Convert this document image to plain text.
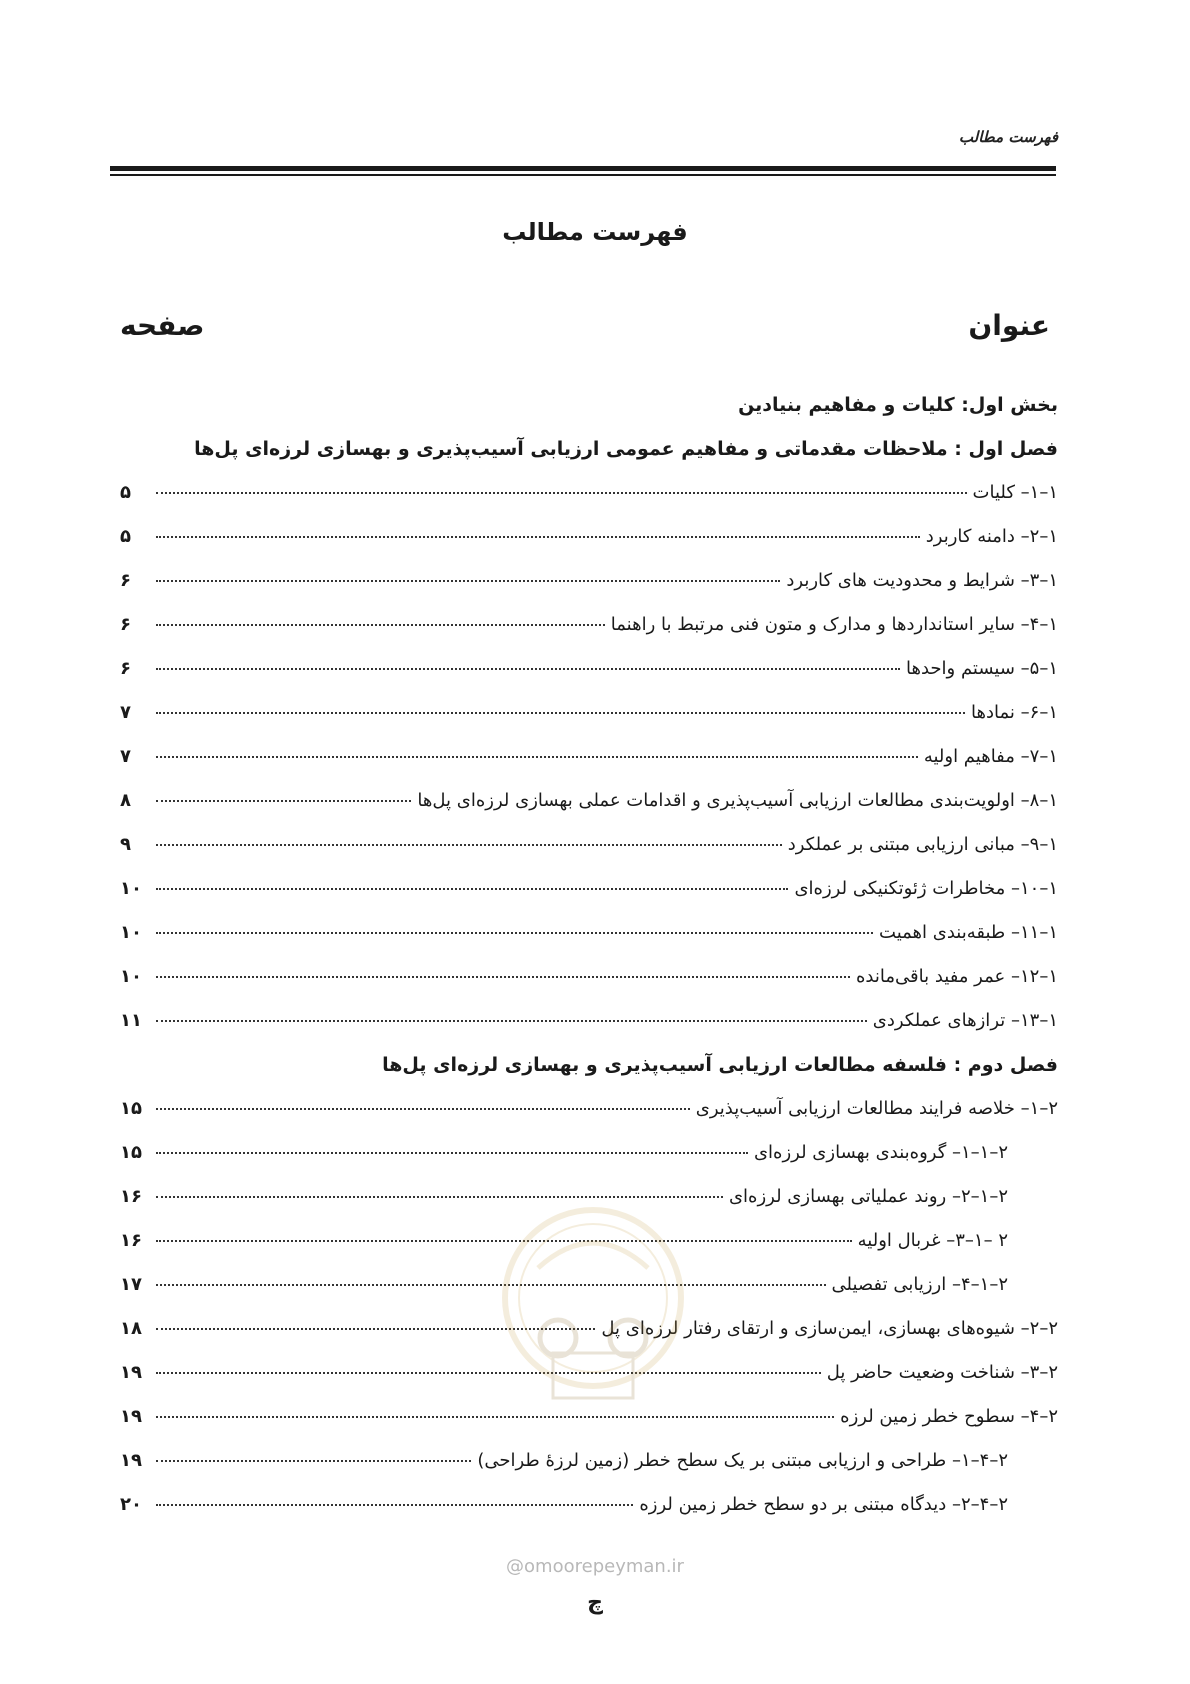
فهرست مطالب
فهرست مطالب
عنوان
صفحه
بخش اول: کلیات و مفاهیم بنیادین
فصل اول : ملاحظات مقدماتی و مفاهیم عمومی ارزیابی آسیب‌پذیری و بهسازی لرزه‌ای پل‌ها
۱–۱– کلیات
۵
۱–۲– دامنه کاربرد
۵
۱–۳– شرایط و محدودیت های کاربرد
۶
۱–۴– سایر استانداردها و مدارک و متون فنی مرتبط با راهنما
۶
۱–۵– سیستم واحدها
۶
۱–۶– نمادها
۷
۱–۷– مفاهیم اولیه
۷
۱–۸– اولویت‌بندی مطالعات ارزیابی آسیب‌پذیری و اقدامات عملی بهسازی لرزه‌ای پل‌ها
۸
۱–۹– مبانی ارزیابی مبتنی بر عملکرد
۹
۱–۱۰– مخاطرات ژئوتکنیکی لرزه‌ای
۱۰
۱–۱۱– طبقه‌بندی اهمیت
۱۰
۱–۱۲– عمر مفید باقی‌مانده
۱۰
۱–۱۳– ترازهای عملکردی
۱۱
فصل دوم : فلسفه مطالعات ارزیابی آسیب‌پذیری و بهسازی لرزه‌ای پل‌ها
۲–۱– خلاصه فرایند مطالعات ارزیابی آسیب‌پذیری
۱۵
۲–۱–۱– گروه‌بندی بهسازی لرزه‌ای
۱۵
۲–۱–۲– روند عملیاتی بهسازی لرزه‌ای
۱۶
۲ –۱–۳– غربال اولیه
۱۶
۲–۱–۴– ارزیابی تفصیلی
۱۷
۲–۲– شیوه‌های بهسازی، ایمن‌سازی و ارتقای رفتار لرزه‌ای پل
۱۸
۲–۳– شناخت وضعیت حاضر پل
۱۹
۲–۴– سطوح خطر زمین لرزه
۱۹
۲–۴–۱– طراحی و ارزیابی مبتنی بر یک سطح خطر (زمین لرزهٔ طراحی)
۱۹
۲–۴–۲– دیدگاه مبتنی بر دو سطح خطر زمین لرزه
۲۰
@omoorepeyman.ir
چ
